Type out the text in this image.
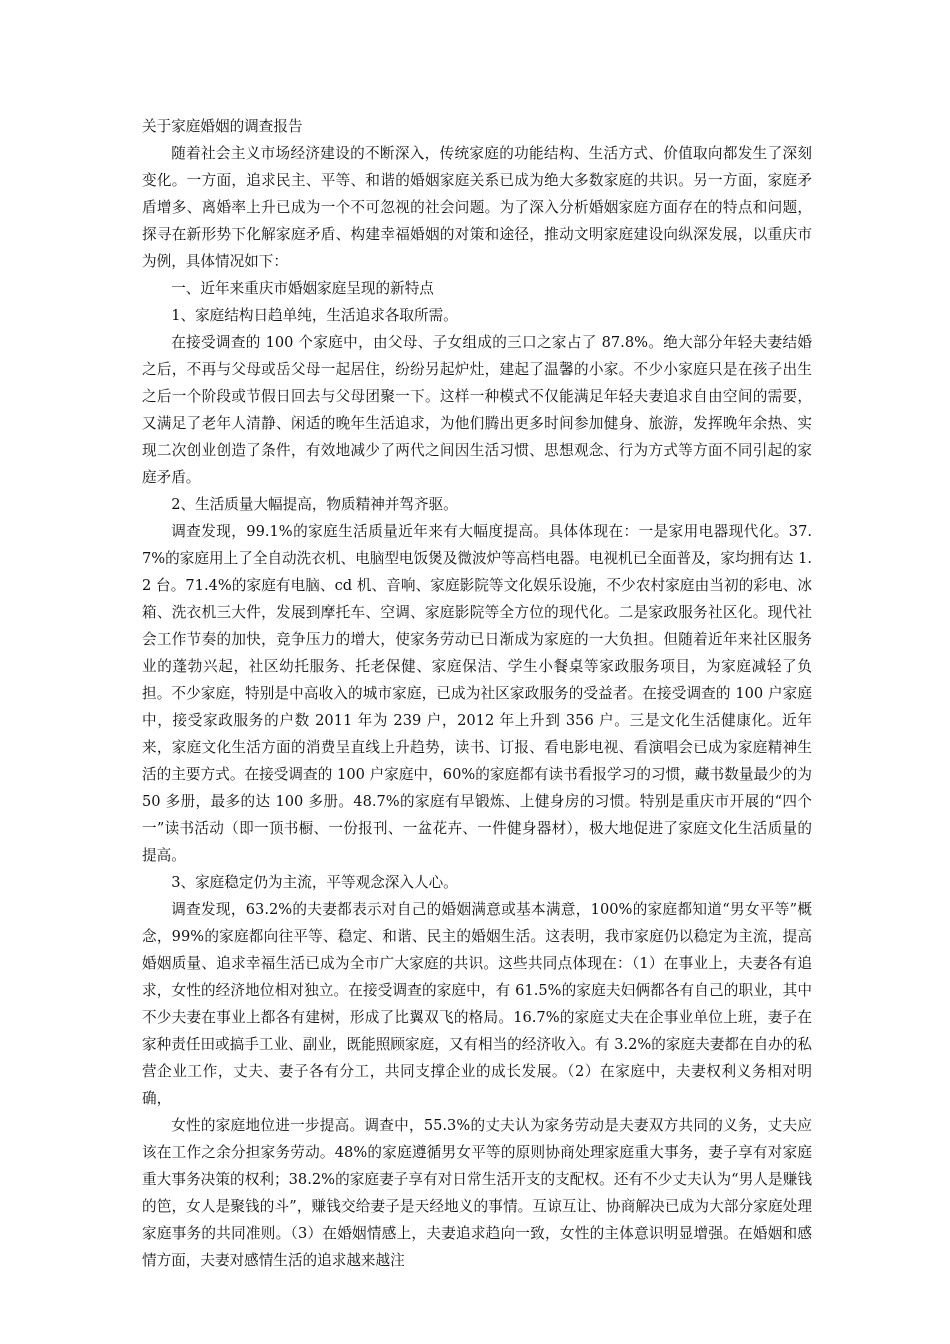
关于家庭婚姻的调查报告

随着社会主义市场经济建设的不断深入，传统家庭的功能结构、生活方式、价值取向都发生了深刻变化。一方面，追求民主、平等、和谐的婚姻家庭关系已成为绝大多数家庭的共识。另一方面，家庭矛盾增多、离婚率上升已成为一个不可忽视的社会问题。为了深入分析婚姻家庭方面存在的特点和问题，探寻在新形势下化解家庭矛盾、构建幸福婚姻的对策和途径，推动文明家庭建设向纵深发展，以重庆市为例，具体情况如下：

一、近年来重庆市婚姻家庭呈现的新特点

1、家庭结构日趋单纯，生活追求各取所需。

在接受调查的 100 个家庭中，由父母、子女组成的三口之家占了 87.8%。绝大部分年轻夫妻结婚之后，不再与父母或岳父母一起居住，纷纷另起炉灶，建起了温馨的小家。不少小家庭只是在孩子出生之后一个阶段或节假日回去与父母团聚一下。这样一种模式不仅能满足年轻夫妻追求自由空间的需要，又满足了老年人清静、闲适的晚年生活追求，为他们腾出更多时间参加健身、旅游，发挥晚年余热、实现二次创业创造了条件，有效地减少了两代之间因生活习惯、思想观念、行为方式等方面不同引起的家庭矛盾。

2、生活质量大幅提高，物质精神并驾齐驱。

调查发现，99.1%的家庭生活质量近年来有大幅度提高。具体体现在：一是家用电器现代化。37.7%的家庭用上了全自动洗衣机、电脑型电饭煲及微波炉等高档电器。电视机已全面普及，家均拥有达 1.2 台。71.4%的家庭有电脑、cd 机、音响、家庭影院等文化娱乐设施，不少农村家庭由当初的彩电、冰箱、洗衣机三大件，发展到摩托车、空调、家庭影院等全方位的现代化。二是家政服务社区化。现代社会工作节奏的加快，竞争压力的增大，使家务劳动已日渐成为家庭的一大负担。但随着近年来社区服务业的蓬勃兴起，社区幼托服务、托老保健、家庭保洁、学生小餐桌等家政服务项目，为家庭减轻了负担。不少家庭，特别是中高收入的城市家庭，已成为社区家政服务的受益者。在接受调查的 100 户家庭中，接受家政服务的户数 2011 年为 239 户，2012 年上升到 356 户。三是文化生活健康化。近年来，家庭文化生活方面的消费呈直线上升趋势，读书、订报、看电影电视、看演唱会已成为家庭精神生活的主要方式。在接受调查的 100 户家庭中，60%的家庭都有读书看报学习的习惯，藏书数量最少的为 50 多册，最多的达 100 多册。48.7%的家庭有早锻炼、上健身房的习惯。特别是重庆市开展的“四个一”读书活动（即一顶书橱、一份报刊、一盆花卉、一件健身器材），极大地促进了家庭文化生活质量的提高。

3、家庭稳定仍为主流，平等观念深入人心。

调查发现，63.2%的夫妻都表示对自己的婚姻满意或基本满意，100%的家庭都知道“男女平等”概念，99%的家庭都向往平等、稳定、和谐、民主的婚姻生活。这表明，我市家庭仍以稳定为主流，提高婚姻质量、追求幸福生活已成为全市广大家庭的共识。这些共同点体现在：（1）在事业上，夫妻各有追求，女性的经济地位相对独立。在接受调查的家庭中，有 61.5%的家庭夫妇俩都各有自己的职业，其中不少夫妻在事业上都各有建树，形成了比翼双飞的格局。16.7%的家庭丈夫在企事业单位上班，妻子在家种责任田或搞手工业、副业，既能照顾家庭，又有相当的经济收入。有 3.2%的家庭夫妻都在自办的私营企业工作，丈夫、妻子各有分工，共同支撑企业的成长发展。（2）在家庭中，夫妻权利义务相对明确，

女性的家庭地位进一步提高。调查中，55.3%的丈夫认为家务劳动是夫妻双方共同的义务，丈夫应该在工作之余分担家务劳动。48%的家庭遵循男女平等的原则协商处理家庭重大事务，妻子享有对家庭重大事务决策的权利；38.2%的家庭妻子享有对日常生活开支的支配权。还有不少丈夫认为“男人是赚钱的笆，女人是聚钱的斗”，赚钱交给妻子是天经地义的事情。互谅互让、协商解决已成为大部分家庭处理家庭事务的共同准则。（3）在婚姻情感上，夫妻追求趋向一致，女性的主体意识明显增强。在婚姻和感情方面，夫妻对感情生活的追求越来越注
